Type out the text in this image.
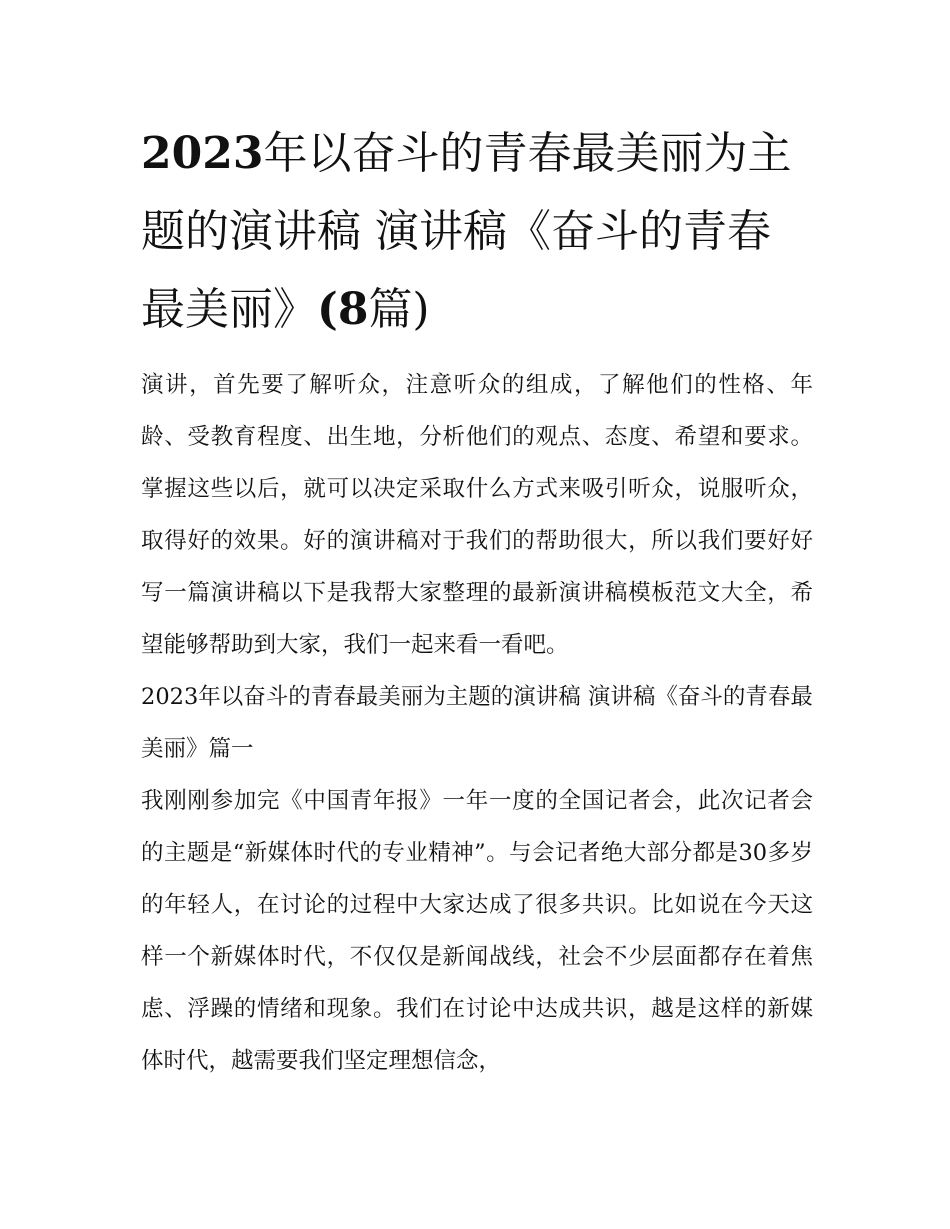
2023年以奋斗的青春最美丽为主题的演讲稿 演讲稿《奋斗的青春最美丽》(8篇)

演讲，首先要了解听众，注意听众的组成，了解他们的性格、年龄、受教育程度、出生地，分析他们的观点、态度、希望和要求。掌握这些以后，就可以决定采取什么方式来吸引听众，说服听众，取得好的效果。好的演讲稿对于我们的帮助很大，所以我们要好好写一篇演讲稿以下是我帮大家整理的最新演讲稿模板范文大全，希望能够帮助到大家，我们一起来看一看吧。

2023年以奋斗的青春最美丽为主题的演讲稿 演讲稿《奋斗的青春最美丽》篇一

我刚刚参加完《中国青年报》一年一度的全国记者会，此次记者会的主题是“新媒体时代的专业精神”。与会记者绝大部分都是30多岁的年轻人，在讨论的过程中大家达成了很多共识。比如说在今天这样一个新媒体时代，不仅仅是新闻战线，社会不少层面都存在着焦虑、浮躁的情绪和现象。我们在讨论中达成共识，越是这样的新媒体时代，越需要我们坚定理想信念，
